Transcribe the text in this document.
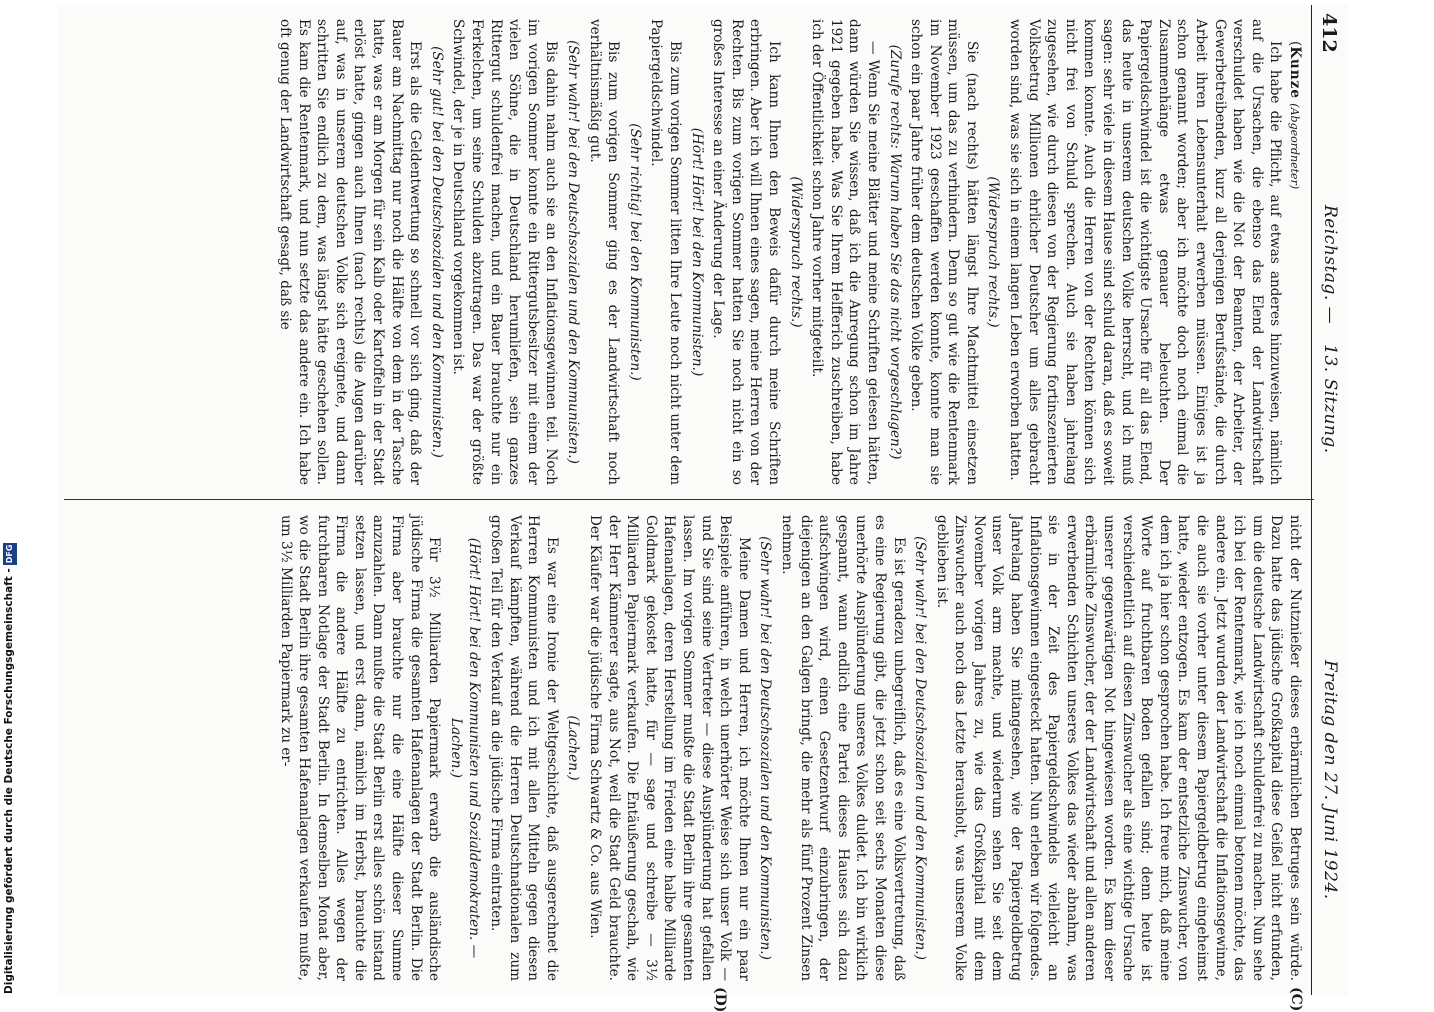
412
Reichstag. —13. Sitzung.
Freitag den 27. Juni 1924.
(C)
(D)

(Kunze (Abgeordneter)

Ich habe die Pflicht, auf etwas anderes hinzuweisen, nämlich auf die Ursachen, die ebenso das Elend der Landwirtschaft verschuldet haben wie die Not der Beamten, der Arbeiter, der Gewerbetreibenden, kurz all derjenigen Berufsstände, die durch Arbeit ihren Lebensunterhalt erwerben müssen. Einiges ist ja schon genannt worden; aber ich möchte doch noch einmal die Zusammenhänge etwas genauer beleuchten. Der Papiergeldschwindel ist die wichtigste Ursache für all das Elend, das heute in unserem deutschen Volke herrscht, und ich muß sagen: sehr viele in diesem Hause sind schuld daran, daß es soweit kommen konnte. Auch die Herren von der Rechten können sich nicht frei von Schuld sprechen. Auch sie haben jahrelang zugesehen, wie durch diesen von der Regierung fortinszenierten Volksbetrug Millionen ehrlicher Deutscher um alles gebracht worden sind, was sie sich in einem langen Leben erworben hatten.

(Widerspruch rechts.)

Sie (nach rechts) hätten längst Ihre Machtmittel einsetzen müssen, um das zu verhindern. Denn so gut wie die Rentenmark im November 1923 geschaffen werden konnte, konnte man sie schon ein paar Jahre früher dem deutschen Volke geben.

(Zurufe rechts: Warum haben Sie das nicht vorgeschlagen?)

— Wenn Sie meine Blätter und meine Schriften gelesen hätten, dann würden Sie wissen, daß ich die Anregung schon im Jahre 1921 gegeben habe. Was Sie Ihrem Helfferich zuschreiben, habe ich der Öffentlichkeit schon Jahre vorher mitgeteilt.

(Widerspruch rechts.)

Ich kann Ihnen den Beweis dafür durch meine Schriften erbringen. Aber ich will Ihnen eines sagen, meine Herren von der Rechten. Bis zum vorigen Sommer hatten Sie noch nicht ein so großes Interesse an einer Änderung der Lage.

(Hört! Hört! bei den Kommunisten.)

Bis zum vorigen Sommer litten Ihre Leute noch nicht unter dem Papiergeldschwindel.

(Sehr richtig! bei den Kommunisten.)

Bis zum vorigen Sommer ging es der Landwirtschaft noch verhältnismäßig gut.

(Sehr wahr! bei den Deutschsozialen und den Kommunisten.)

Bis dahin nahm auch sie an den Inflationsgewinnen teil. Noch im vorigen Sommer konnte ein Rittergutsbesitzer mit einem der vielen Söhne, die in Deutschland herumliefen, sein ganzes Rittergut schuldenfrei machen, und ein Bauer brauchte nur ein Ferkelchen, um seine Schulden abzutragen. Das war der größte Schwindel, der je in Deutschland vorgekommen ist.

(Sehr gut! bei den Deutschsozialen und den Kommunisten.)

Erst als die Geldentwertung so schnell vor sich ging, daß der Bauer am Nachmittag nur noch die Hälfte von dem in der Tasche hatte, was er am Morgen für sein Kalb oder Kartoffeln in der Stadt erlöst hatte, gingen auch Ihnen (nach rechts) die Augen darüber auf, was in unserem deutschen Volke sich ereignete, und dann schritten Sie endlich zu dem, was längst hätte geschehen sollen. Es kam die Rentenmark, und nun setzte das andere ein. Ich habe oft genug der Landwirtschaft gesagt, daß sie

nicht der Nutznießer dieses erbärmlichen Betruges sein würde. Dazu hatte das jüdische Großkapital diese Geißel nicht erfunden, um die deutsche Landwirtschaft schuldenfrei zu machen. Nun sehe ich bei der Rentenmark, wie ich noch einmal betonen möchte, das andere ein. Jetzt wurden der Landwirtschaft die Inflationsgewinne, die auch sie vorher unter diesem Papiergeldbetrug eingeheimst hatte, wieder entzogen. Es kam der entsetzliche Zinswucher, von dem ich ja hier schon gesprochen habe. Ich freue mich, daß meine Worte auf fruchtbaren Boden gefallen sind; denn heute ist verschiedentlich auf diesen Zinswucher als eine wichtige Ursache unserer gegenwärtigen Not hingewiesen worden. Es kam dieser erbärmliche Zinswucher, der der Landwirtschaft und allen anderen erwerbenden Schichten unseres Volkes das wieder abnahm, was sie in der Zeit des Papiergeldschwindels vielleicht an Inflationsgewinnen eingesteckt hatten. Nun erleben wir folgendes. Jahrelang haben Sie mitangesehen, wie der Papiergeldbetrug unser Volk arm machte, und wiederum sehen Sie seit dem November vorigen Jahres zu, wie das Großkapital mit dem Zinswucher auch noch das Letzte herausholt, was unserem Volke geblieben ist.

(Sehr wahr! bei den Deutschsozialen und den Kommunisten.)

Es ist geradezu unbegreiflich, daß es eine Volksvertretung, daß es eine Regierung gibt, die jetzt schon seit sechs Monaten diese unerhörte Ausplünderung unseres Volkes duldet. Ich bin wirklich gespannt, wann endlich eine Partei dieses Hauses sich dazu aufschwingen wird, einen Gesetzentwurf einzubringen, der diejenigen an den Galgen bringt, die mehr als fünf Prozent Zinsen nehmen.

(Sehr wahr! bei den Deutschsozialen und den Kommunisten.)

Meine Damen und Herren, ich möchte Ihnen nur ein paar Beispiele anführen, in welch unerhörter Weise sich unser Volk — und Sie sind seine Vertreter — diese Ausplünderung hat gefallen lassen. Im vorigen Sommer mußte die Stadt Berlin ihre gesamten Hafenanlagen, deren Herstellung im Frieden eine halbe Milliarde Goldmark gekostet hatte, für — sage und schreibe — 3½ Milliarden Papiermark verkaufen. Die Entäußerung geschah, wie der Herr Kämmerer sagte, aus Not, weil die Stadt Geld brauchte. Der Käufer war die jüdische Firma Schwartz & Co. aus Wien.

(Lachen.)

Es war eine Ironie der Weltgeschichte, daß ausgerechnet die Herren Kommunisten und ich mit allen Mitteln gegen diesen Verkauf kämpften, während die Herren Deutschnationalen zum großen Teil für den Verkauf an die jüdische Firma eintraten.

(Hört! Hört! bei den Kommunisten und Sozialdemokraten. — Lachen.)

Für 3½ Milliarden Papiermark erwarb die ausländische jüdische Firma die gesamten Hafenanlagen der Stadt Berlin. Die Firma aber brauchte nur die eine Hälfte dieser Summe anzuzahlen. Dann mußte die Stadt Berlin erst alles schön instand setzen lassen, und erst dann, nämlich im Herbst, brauchte die Firma die andere Hälfte zu entrichten. Alles wegen der furchtbaren Notlage der Stadt Berlin. In demselben Monat aber, wo die Stadt Berlin ihre gesamten Hafenanlagen verkaufen mußte, um 3½ Milliarden Papiermark zu er-

Digitalisierung gefördert durch die Deutsche Forschungsgemeinschaft -DFG
